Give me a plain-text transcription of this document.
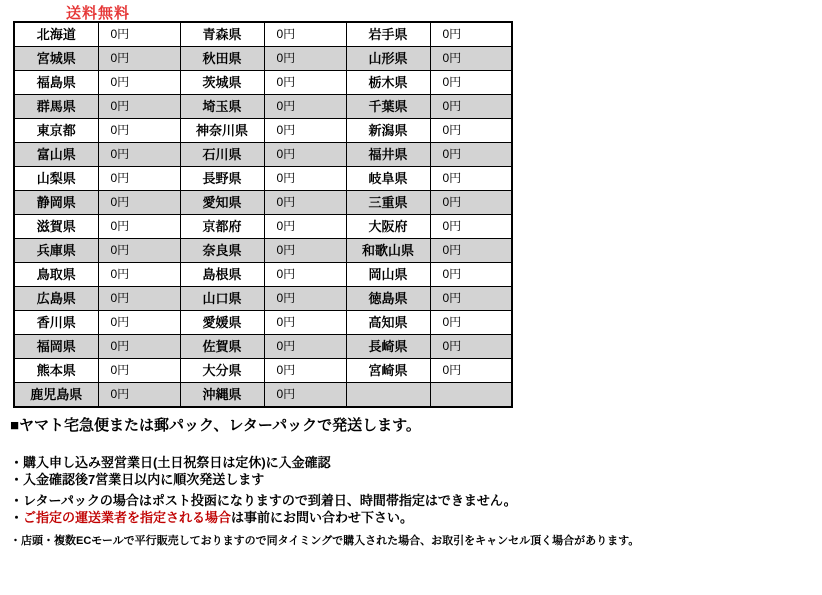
送料無料
北海道	0円	青森県	0円	岩手県	0円
宮城県	0円	秋田県	0円	山形県	0円
福島県	0円	茨城県	0円	栃木県	0円
群馬県	0円	埼玉県	0円	千葉県	0円
東京都	0円	神奈川県	0円	新潟県	0円
富山県	0円	石川県	0円	福井県	0円
山梨県	0円	長野県	0円	岐阜県	0円
静岡県	0円	愛知県	0円	三重県	0円
滋賀県	0円	京都府	0円	大阪府	0円
兵庫県	0円	奈良県	0円	和歌山県	0円
鳥取県	0円	島根県	0円	岡山県	0円
広島県	0円	山口県	0円	徳島県	0円
香川県	0円	愛媛県	0円	高知県	0円
福岡県	0円	佐賀県	0円	長崎県	0円
熊本県	0円	大分県	0円	宮崎県	0円
鹿児島県	0円	沖縄県	0円		
■ヤマト宅急便または郵パック、レターパックで発送します。

・購入申し込み翌営業日(土日祝祭日は定休)に入金確認

・入金確認後7営業日以内に順次発送します

・レターパックの場合はポスト投函になりますので到着日、時間帯指定はできません。

・ご指定の運送業者を指定される場合は事前にお問い合わせ下さい。

・店頭・複数ECモールで平行販売しておりますので同タイミングで購入された場合、お取引をキャンセル頂く場合があります。
